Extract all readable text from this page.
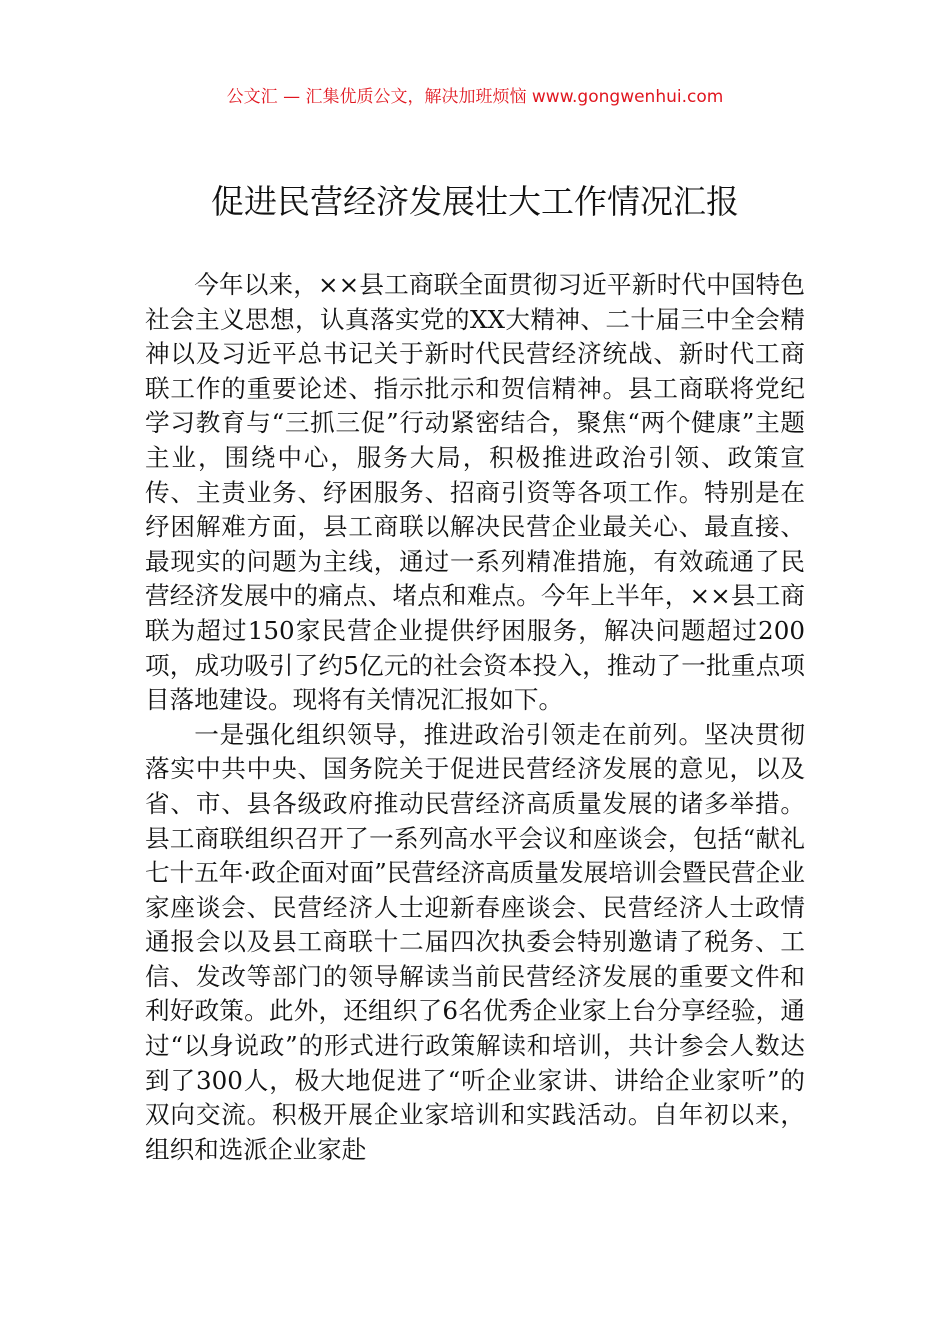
公文汇 — 汇集优质公文，解决加班烦恼 www.gongwenhui.com
促进民营经济发展壮大工作情况汇报

今年以来，××县工商联全面贯彻习近平新时代中国特色社会主义思想，认真落实党的XX大精神、二十届三中全会精神以及习近平总书记关于新时代民营经济统战、新时代工商联工作的重要论述、指示批示和贺信精神。县工商联将党纪学习教育与“三抓三促”行动紧密结合，聚焦“两个健康”主题主业，围绕中心，服务大局，积极推进政治引领、政策宣传、主责业务、纾困服务、招商引资等各项工作。特别是在纾困解难方面，县工商联以解决民营企业最关心、最直接、最现实的问题为主线，通过一系列精准措施，有效疏通了民营经济发展中的痛点、堵点和难点。今年上半年，××县工商联为超过150家民营企业提供纾困服务，解决问题超过200项，成功吸引了约5亿元的社会资本投入，推动了一批重点项目落地建设。现将有关情况汇报如下。

一是强化组织领导，推进政治引领走在前列。坚决贯彻落实中共中央、国务院关于促进民营经济发展的意见，以及省、市、县各级政府推动民营经济高质量发展的诸多举措。县工商联组织召开了一系列高水平会议和座谈会，包括“献礼七十五年·政企面对面”民营经济高质量发展培训会暨民营企业家座谈会、民营经济人士迎新春座谈会、民营经济人士政情通报会以及县工商联十二届四次执委会特别邀请了税务、工信、发改等部门的领导解读当前民营经济发展的重要文件和利好政策。此外，还组织了6名优秀企业家上台分享经验，通过“以身说政”的形式进行政策解读和培训，共计参会人数达到了300人，极大地促进了“听企业家讲、讲给企业家听”的双向交流。积极开展企业家培训和实践活动。自年初以来，组织和选派企业家赴
